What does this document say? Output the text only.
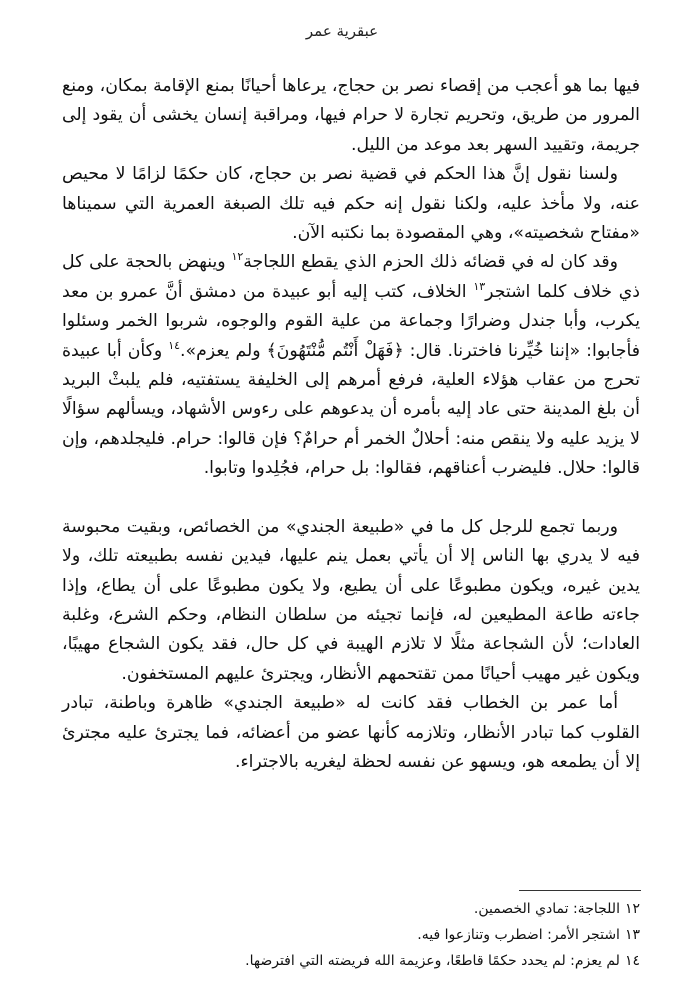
عبقرية عمر

فيها بما هو أعجب من إقصاء نصر بن حجاج، يرعاها أحيانًا بمنع الإقامة بمكان، ومنع المرور من طريق، وتحريم تجارة لا حرام فيها، ومراقبة إنسان يخشى أن يقود إلى جريمة، وتقييد السهر بعد موعد من الليل.

ولسنا نقول إنَّ هذا الحكم في قضية نصر بن حجاج، كان حكمًا لزامًا لا محيص عنه، ولا مأخذ عليه، ولكنا نقول إنه حكم فيه تلك الصبغة العمرية التي سميناها «مفتاح شخصيته»، وهي المقصودة بما نكتبه الآن.

وقد كان له في قضائه ذلك الحزم الذي يقطع اللجاجة$^{١٢}$ وينهض بالحجة على كل ذي خلاف كلما اشتجر$^{١٣}$ الخلاف، كتب إليه أبو عبيدة من دمشق أنَّ عمرو بن معد يكرب، وأبا جندل وضرارًا وجماعة من علية القوم والوجوه، شربوا الخمر وسئلوا فأجابوا: «إننا خُيِّرنا فاخترنا. قال: ﴿فَهَلْ أَنْتُم مُّنْتَهُونَ﴾ ولم يعزم».$^{١٤}$ وكأن أبا عبيدة تحرج من عقاب هؤلاء العلية، فرفع أمرهم إلى الخليفة يستفتيه، فلم يلبثْ البريد أن بلغ المدينة حتى عاد إليه بأمره أن يدعوهم على رءوس الأشهاد، ويسألهم سؤالًا لا يزيد عليه ولا ينقص منه: أحلالٌ الخمر أم حرامٌ؟ فإن قالوا: حرام. فليجلدهم، وإن قالوا: حلال. فليضرب أعناقهم، فقالوا: بل حرام، فجُلِدوا وتابوا.

وربما تجمع للرجل كل ما في «طبيعة الجندي» من الخصائص، وبقيت محبوسة فيه لا يدري بها الناس إلا أن يأتي بعمل ينم عليها، فيدين نفسه بطبيعته تلك، ولا يدين غيره، ويكون مطبوعًا على أن يطيع، ولا يكون مطبوعًا على أن يطاع، وإذا جاءته طاعة المطيعين له، فإنما تجيئه من سلطان النظام، وحكم الشرع، وغلبة العادات؛ لأن الشجاعة مثلًا لا تلازم الهيبة في كل حال، فقد يكون الشجاع مهيبًا، ويكون غير مهيب أحيانًا ممن تقتحمهم الأنظار، ويجترئ عليهم المستخفون.

أما عمر بن الخطاب فقد كانت له «طبيعة الجندي» ظاهرة وباطنة، تبادر القلوب كما تبادر الأنظار، وتلازمه كأنها عضو من أعضائه، فما يجترئ عليه مجترئ إلا أن يطمعه هو، ويسهو عن نفسه لحظة ليغريه بالاجتراء.

١٢اللجاجة: تمادي الخصمين.
١٣اشتجر الأمر: اضطرب وتنازعوا فيه.
١٤لم يعزم: لم يحدد حكمًا قاطعًا، وعزيمة الله فريضته التي افترضها.
